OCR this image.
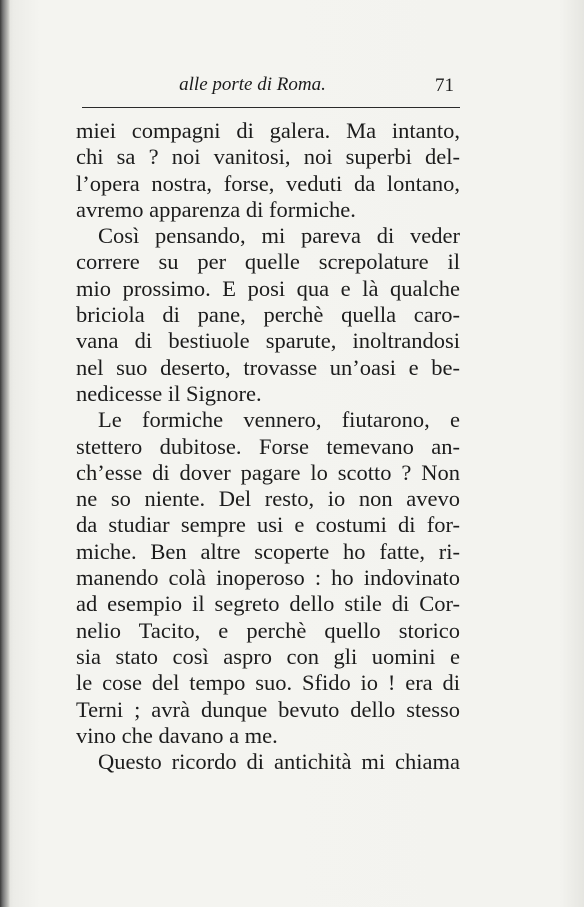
alle porte di Roma.	71
miei compagni di galera. Ma intanto,
chi sa ? noi vanitosi, noi superbi del-
l’opera nostra, forse, veduti da lontano,
avremo apparenza di formiche.
Così pensando, mi pareva di veder
correre su per quelle screpolature il
mio prossimo. E posi qua e là qualche
briciola di pane, perchè quella caro-
vana di bestiuole sparute, inoltrandosi
nel suo deserto, trovasse un’oasi e be-
nedicesse il Signore.
Le formiche vennero, fiutarono, e
stettero dubitose. Forse temevano an-
ch’esse di dover pagare lo scotto ? Non
ne so niente. Del resto, io non avevo
da studiar sempre usi e costumi di for-
miche. Ben altre scoperte ho fatte, ri-
manendo colà inoperoso : ho indovinato
ad esempio il segreto dello stile di Cor-
nelio Tacito, e perchè quello storico
sia stato così aspro con gli uomini e
le cose del tempo suo. Sfido io ! era di
Terni ; avrà dunque bevuto dello stesso
vino che davano a me.
Questo ricordo di antichità mi chiama
